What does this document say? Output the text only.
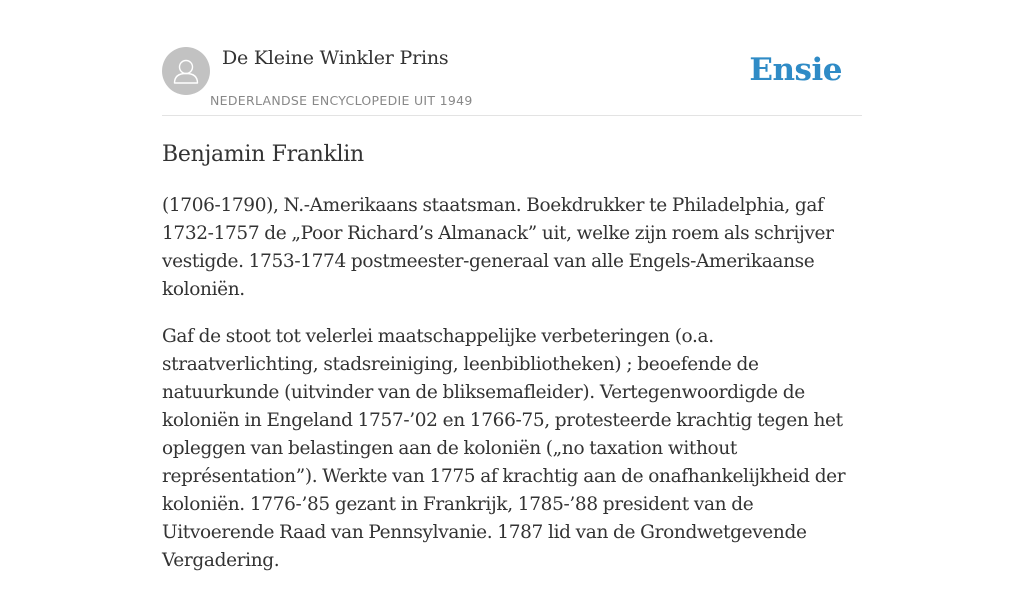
De Kleine Winkler Prins
NEDERLANDSE ENCYCLOPEDIE UIT 1949
Ensie
Benjamin Franklin

(1706-1790), N.-Amerikaans staatsman. Boekdrukker te Philadelphia, gaf 1732-1757 de „Poor Richard’s Almanack” uit, welke zijn roem als schrijver vestigde. 1753-1774 postmeester-generaal van alle Engels-Amerikaanse koloniën.

Gaf de stoot tot velerlei maatschappelijke verbeteringen (o.a. straatverlichting, stadsreiniging, leenbibliotheken) ; beoefende de natuurkunde (uitvinder van de bliksemafleider). Vertegenwoordigde de koloniën in Engeland 1757-’02 en 1766-75, protesteerde krachtig tegen het opleggen van belastingen aan de koloniën („no taxation without représentation”). Werkte van 1775 af krachtig aan de onafhankelijkheid der koloniën. 1776-’85 gezant in Frankrijk, 1785-’88 president van de Uitvoerende Raad van Pennsylvanie. 1787 lid van de Grondwetgevende Vergadering.
